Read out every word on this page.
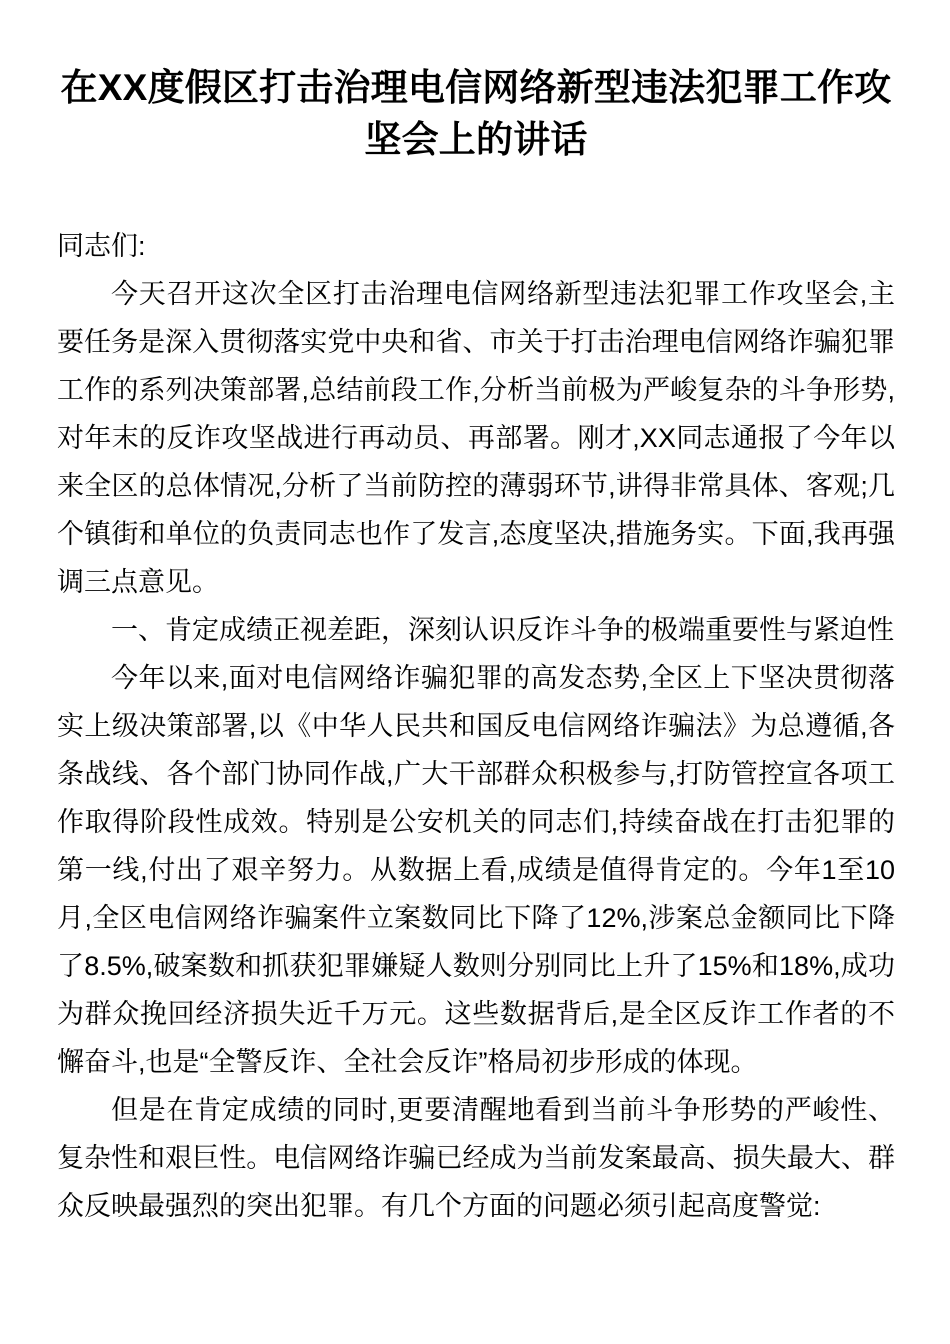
在XX度假区打击治理电信网络新型违法犯罪工作攻坚会上的讲话

同志们:

今天召开这次全区打击治理电信网络新型违法犯罪工作攻坚会,主要任务是深入贯彻落实党中央和省、市关于打击治理电信网络诈骗犯罪工作的系列决策部署,总结前段工作,分析当前极为严峻复杂的斗争形势,对年末的反诈攻坚战进行再动员、再部署。刚才,XX同志通报了今年以来全区的总体情况,分析了当前防控的薄弱环节,讲得非常具体、客观;几个镇街和单位的负责同志也作了发言,态度坚决,措施务实。下面,我再强调三点意见。

一、肯定成绩正视差距，深刻认识反诈斗争的极端重要性与紧迫性

今年以来,面对电信网络诈骗犯罪的高发态势,全区上下坚决贯彻落实上级决策部署,以《中华人民共和国反电信网络诈骗法》为总遵循,各条战线、各个部门协同作战,广大干部群众积极参与,打防管控宣各项工作取得阶段性成效。特别是公安机关的同志们,持续奋战在打击犯罪的第一线,付出了艰辛努力。从数据上看,成绩是值得肯定的。今年1至10月,全区电信网络诈骗案件立案数同比下降了12%,涉案总金额同比下降了8.5%,破案数和抓获犯罪嫌疑人数则分别同比上升了15%和18%,成功为群众挽回经济损失近千万元。这些数据背后,是全区反诈工作者的不懈奋斗,也是“全警反诈、全社会反诈”格局初步形成的体现。

但是在肯定成绩的同时,更要清醒地看到当前斗争形势的严峻性、复杂性和艰巨性。电信网络诈骗已经成为当前发案最高、损失最大、群众反映最强烈的突出犯罪。有几个方面的问题必须引起高度警觉:
